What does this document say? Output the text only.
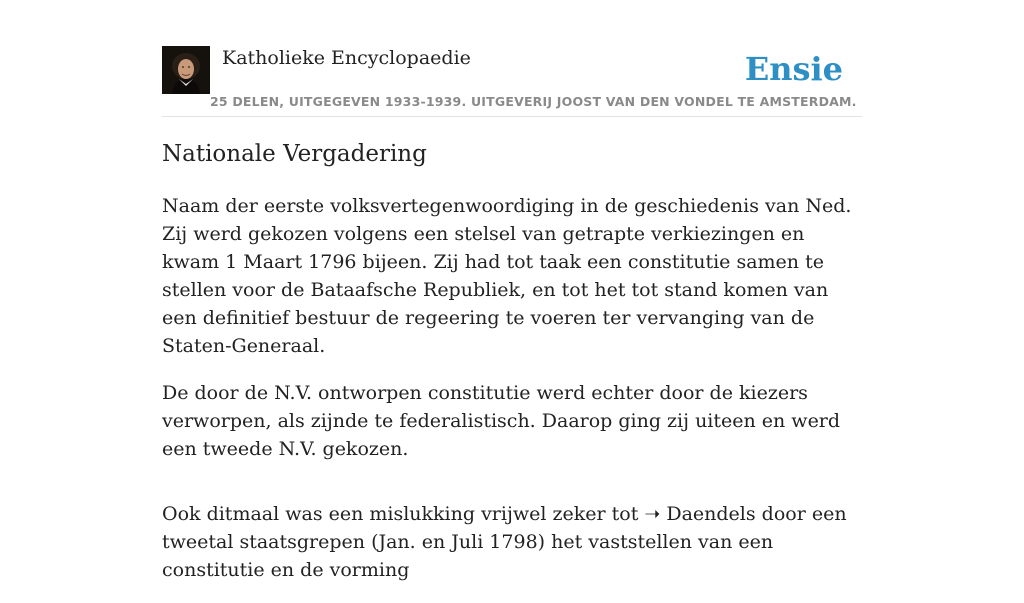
Katholieke Encyclopaedie
25 DELEN, UITGEGEVEN 1933-1939. UITGEVERIJ JOOST VAN DEN VONDEL TE AMSTERDAM.
Ensie
Nationale Vergadering

Naam der eerste volksvertegenwoordiging in de geschiedenis van Ned. Zij werd gekozen volgens een stelsel van getrapte verkiezingen en kwam 1 Maart 1796 bijeen. Zij had tot taak een constitutie samen te stellen voor de Bataafsche Republiek, en tot het tot stand komen van een definitief bestuur de regeering te voeren ter vervanging van de Staten-Generaal.

De door de N.V. ontworpen constitutie werd echter door de kiezers verworpen, als zijnde te federalistisch. Daarop ging zij uiteen en werd een tweede N.V. gekozen.

Ook ditmaal was een mislukking vrijwel zeker tot ➝ Daendels door een tweetal staatsgrepen (Jan. en Juli 1798) het vaststellen van een constitutie en de vorming
